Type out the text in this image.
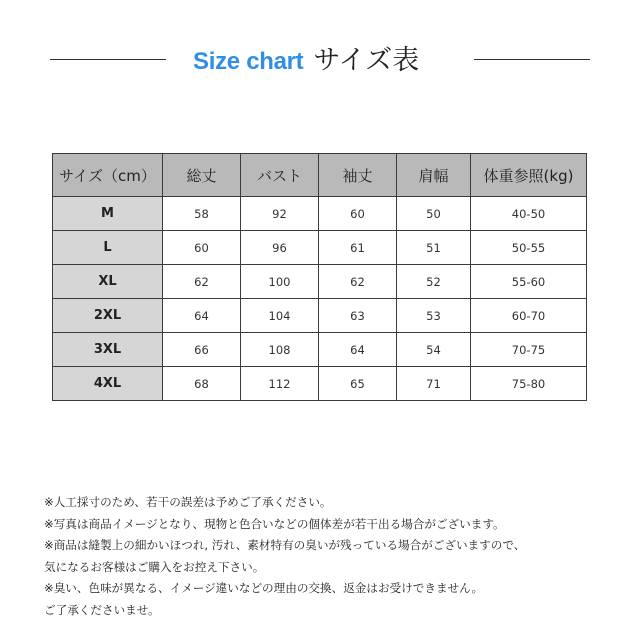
Size chart サイズ表
サイズ（cm）	総丈	バスト	袖丈	肩幅	体重参照(kg)
M	58	92	60	50	40-50
L	60	96	61	51	50-55
XL	62	100	62	52	55-60
2XL	64	104	63	53	60-70
3XL	66	108	64	54	70-75
4XL	68	112	65	71	75-80
※人工採寸のため、若干の誤差は予めご了承ください。
※写真は商品イメージとなり、現物と色合いなどの個体差が若干出る場合がございます。
※商品は縫製上の細かいほつれ, 汚れ、素材特有の臭いが残っている場合がございますので、
気になるお客様はご購入をお控え下さい。
※臭い、色味が異なる、イメージ違いなどの理由の交換、返金はお受けできません。
ご了承くださいませ。
